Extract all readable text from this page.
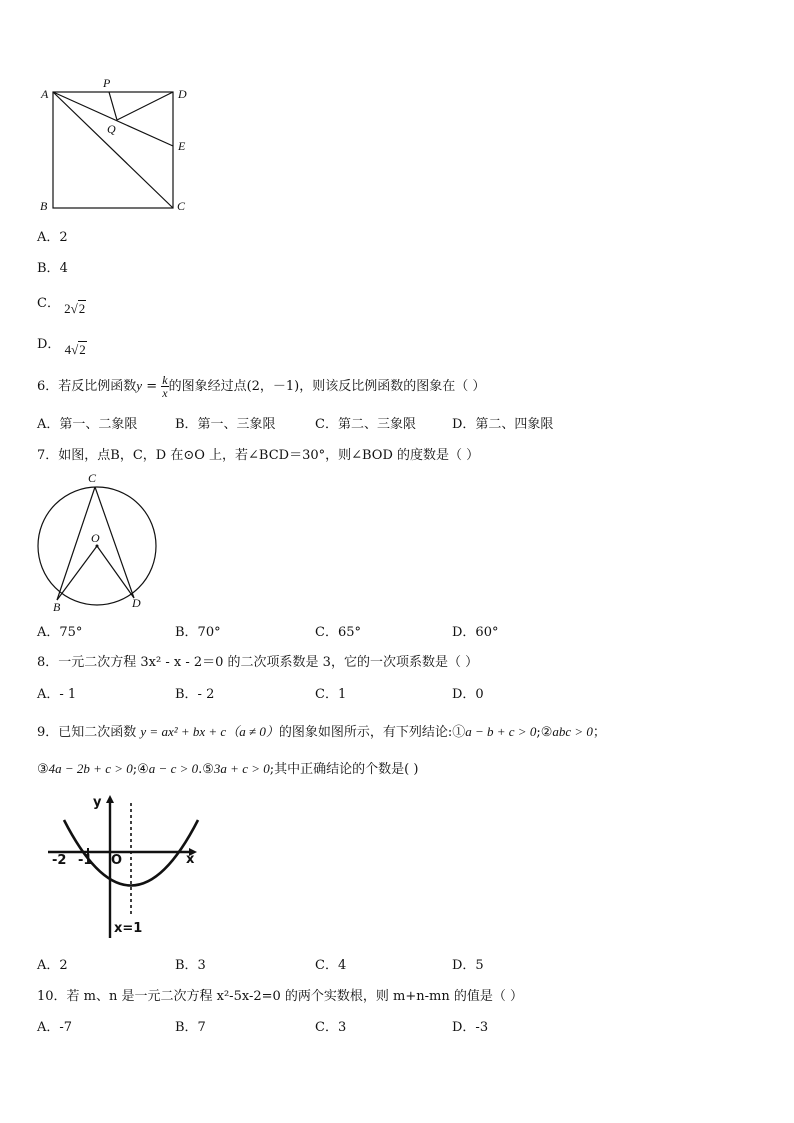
A
P
D
Q
E
B	C
A．2
B．4
C． 2√2
D． 4√2
6．若反比例函数$y = \frac{k}{x}$ 的图象经过点(2，－1)，则该反比例函数的图象在（ ）
A．第一、二象限	B．第一、三象限	C．第二、三象限	D．第二、四象限
7．如图，点B，C，D 在⊙O 上，若∠BCD＝30°，则∠BOD 的度数是（ ）
C
O
B	D
A．75°	B．70°	C．65°	D．60°
8．一元二次方程 3x² - x - 2＝0 的二次项系数是 3，它的一次项系数是（ ）
A．- 1	B．- 2	C．1	D．0
9．已知二次函数 y = ax² + bx + c（a ≠ 0）的图象如图所示，有下列结论:①a − b + c > 0;②abc > 0；
③4a − 2b + c > 0;④a − c > 0.⑤3a + c > 0;其中正确结论的个数是( )
y
x
O
-2 -1
x=1
A．2	B．3	C．4	D．5
10．若 m、n 是一元二次方程 x²-5x-2=0 的两个实数根，则 m+n-mn 的值是（ ）
A．-7	B．7	C．3	D．-3
